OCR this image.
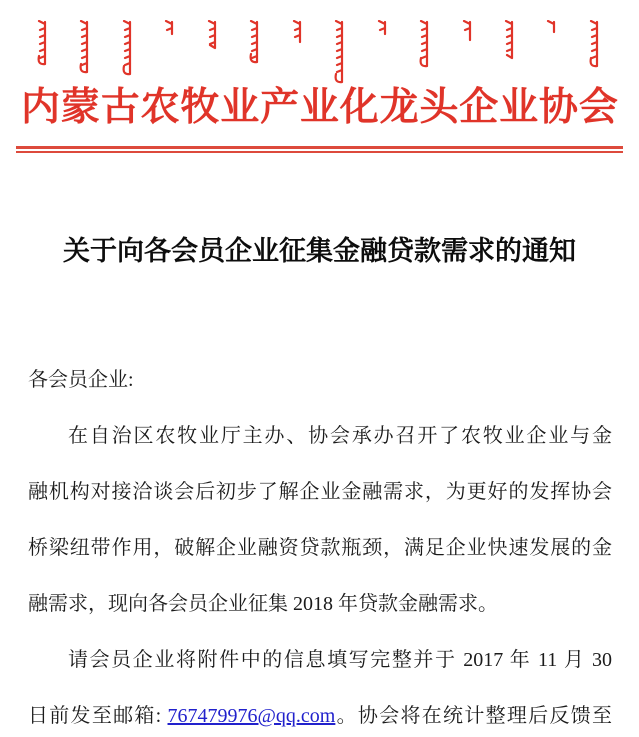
内 蒙 古 农 牧 业 产 业 化 龙 头 企 业 协 会
关于向各会员企业征集金融贷款需求的通知
各会员企业:
在自治区农牧业厅主办、协会承办召开了农牧业企业与金
融机构对接洽谈会后初步了解企业金融需求，为更好的发挥协会
桥梁纽带作用，破解企业融资贷款瓶颈，满足企业快速发展的金
融需求，现向各会员企业征集 2018 年贷款金融需求。
请会员企业将附件中的信息填写完整并于 2017 年 11 月 30
日前发至邮箱: 767479976@qq.com。协会将在统计整理后反馈至
